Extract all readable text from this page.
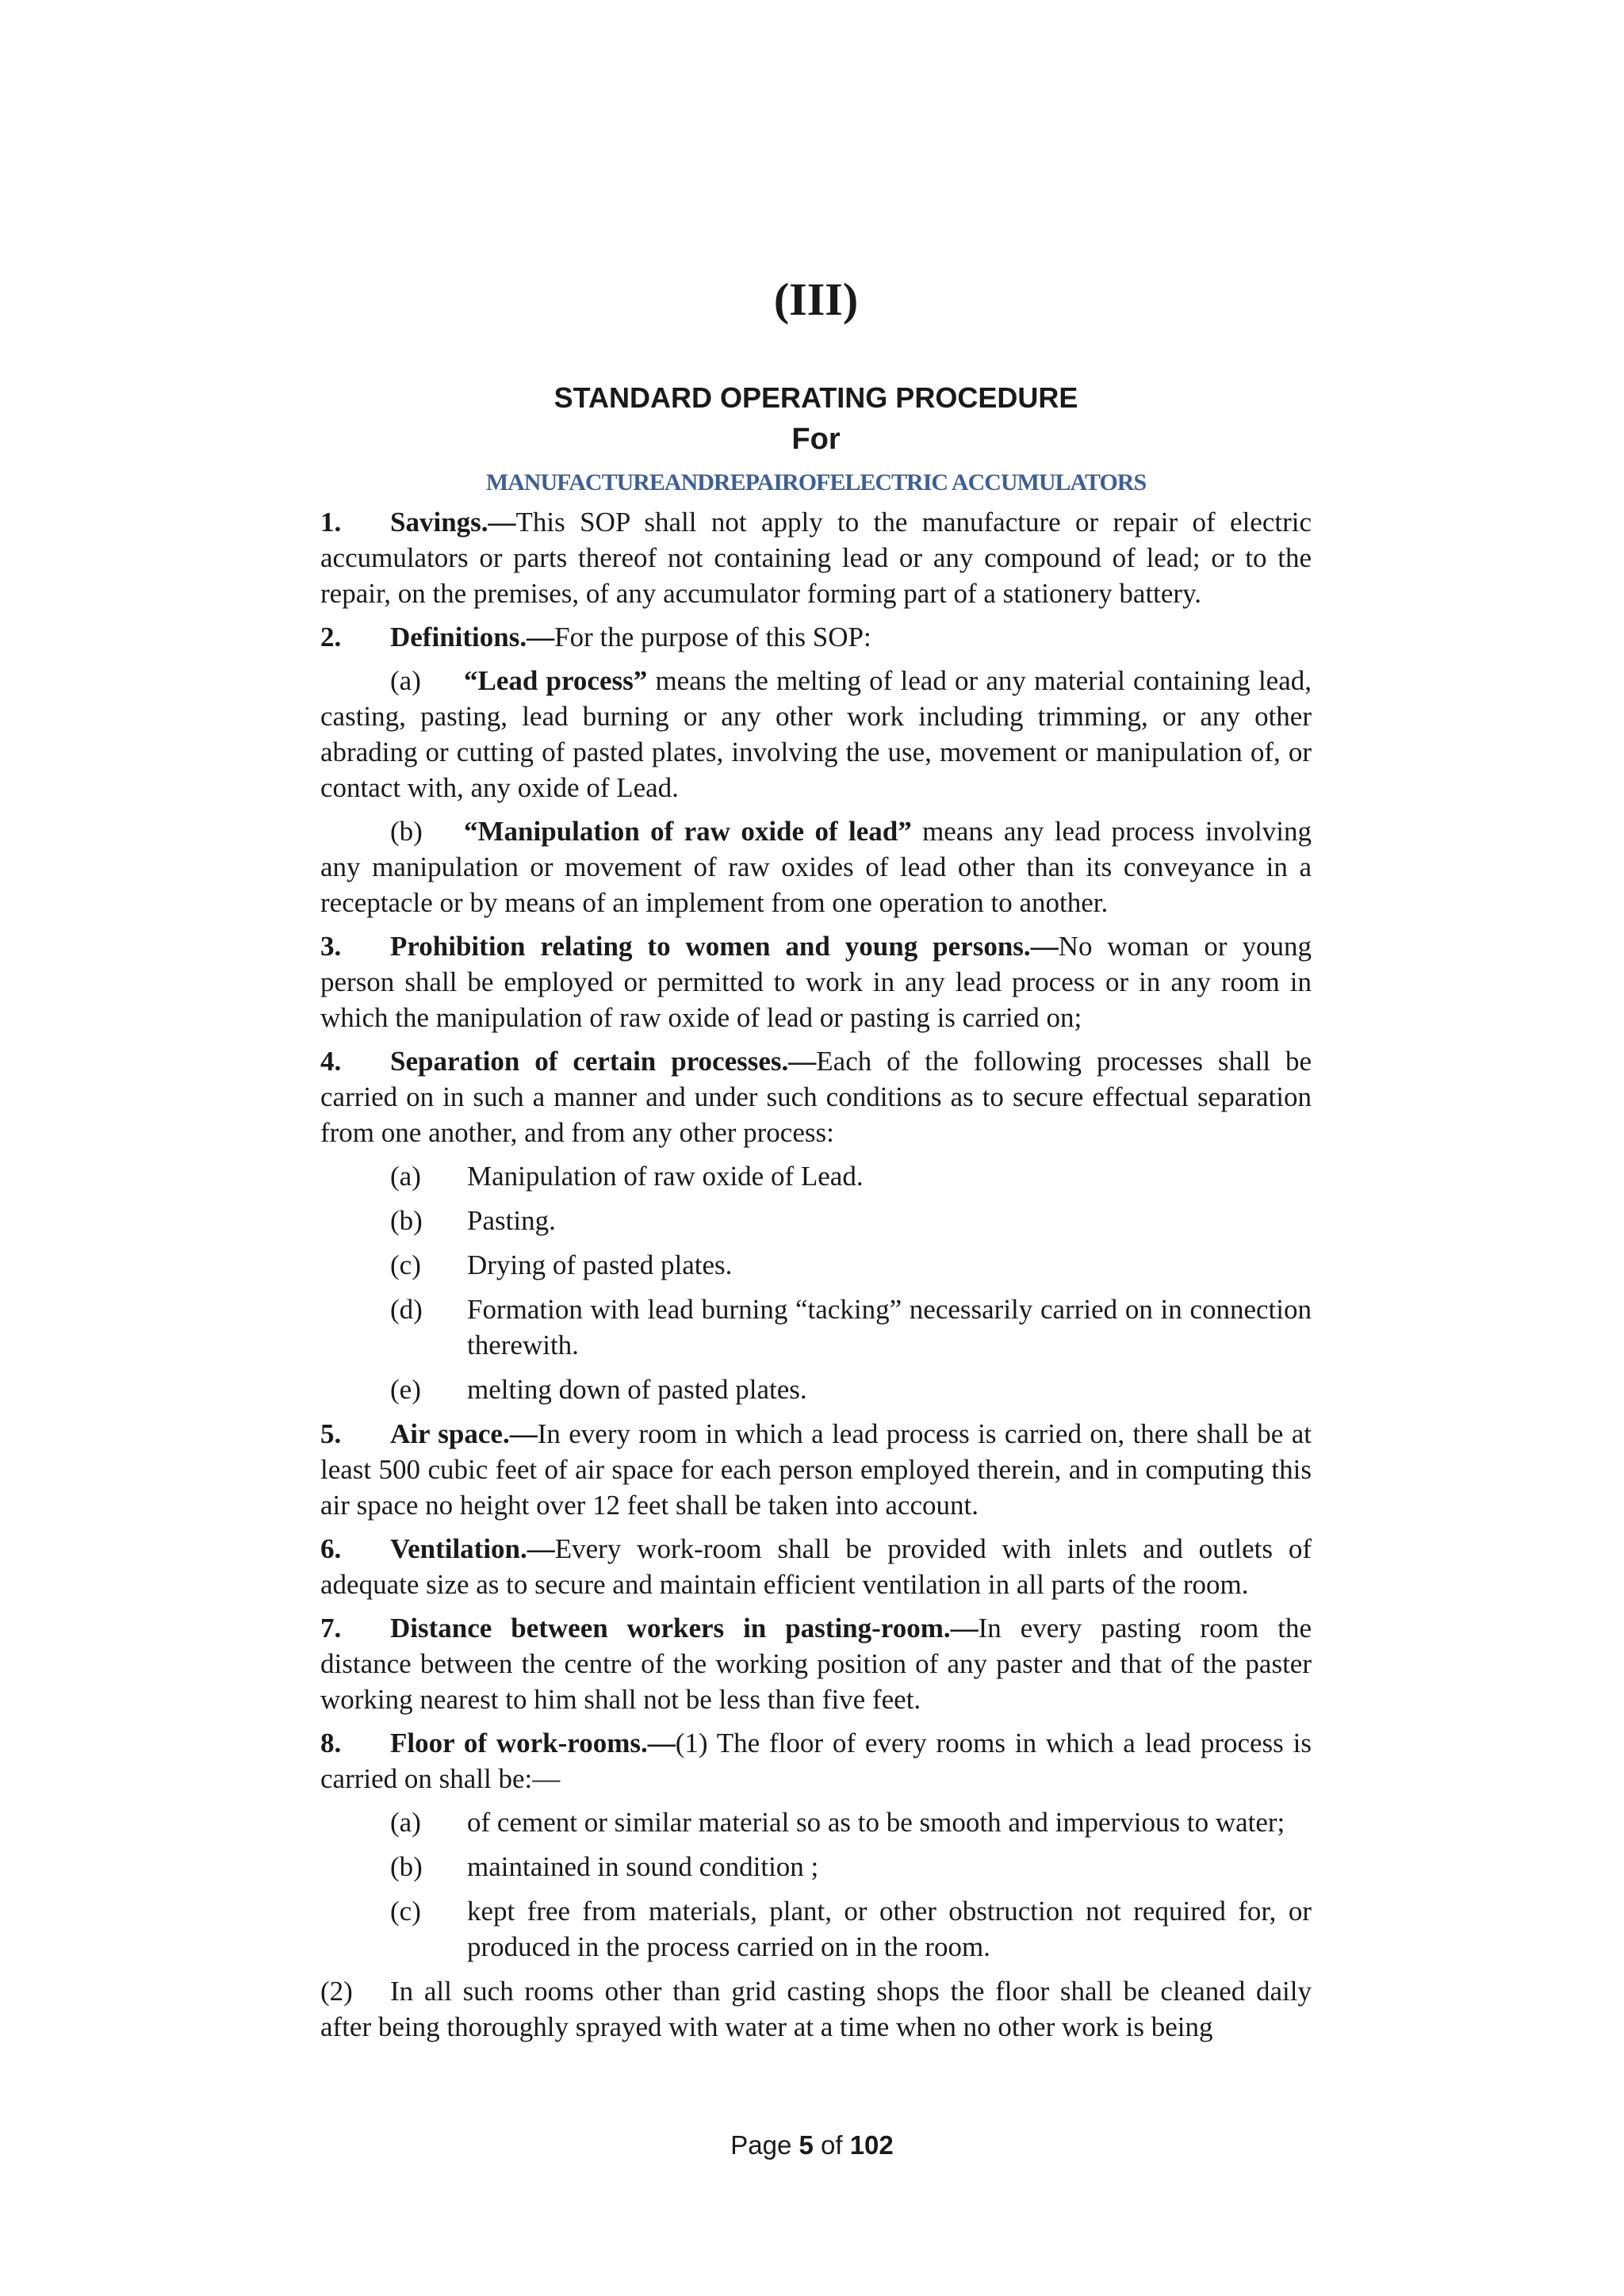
(III)
STANDARD OPERATING PROCEDURE
For
MANUFACTUREANDREPAIROFELECTRIC ACCUMULATORS
1. Savings.—This SOP shall not apply to the manufacture or repair of electric accumulators or parts thereof not containing lead or any compound of lead; or to the repair, on the premises, of any accumulator forming part of a stationery battery.
2. Definitions.—For the purpose of this SOP:
(a) “Lead process” means the melting of lead or any material containing lead, casting, pasting, lead burning or any other work including trimming, or any other abrading or cutting of pasted plates, involving the use, movement or manipulation of, or contact with, any oxide of Lead.
(b) “Manipulation of raw oxide of lead” means any lead process involving any manipulation or movement of raw oxides of lead other than its conveyance in a receptacle or by means of an implement from one operation to another.
3. Prohibition relating to women and young persons.—No woman or young person shall be employed or permitted to work in any lead process or in any room in which the manipulation of raw oxide of lead or pasting is carried on;
4. Separation of certain processes.—Each of the following processes shall be carried on in such a manner and under such conditions as to secure effectual separation from one another, and from any other process:
(a) Manipulation of raw oxide of Lead.
(b) Pasting.
(c) Drying of pasted plates.
(d) Formation with lead burning “tacking” necessarily carried on in connection therewith.
(e) melting down of pasted plates.
5. Air space.—In every room in which a lead process is carried on, there shall be at least 500 cubic feet of air space for each person employed therein, and in computing this air space no height over 12 feet shall be taken into account.
6. Ventilation.—Every work-room shall be provided with inlets and outlets of adequate size as to secure and maintain efficient ventilation in all parts of the room.
7. Distance between workers in pasting-room.—In every pasting room the distance between the centre of the working position of any paster and that of the paster working nearest to him shall not be less than five feet.
8. Floor of work-rooms.—(1) The floor of every rooms in which a lead process is carried on shall be:—
(a) of cement or similar material so as to be smooth and impervious to water;
(b) maintained in sound condition ;
(c) kept free from materials, plant, or other obstruction not required for, or produced in the process carried on in the room.
(2) In all such rooms other than grid casting shops the floor shall be cleaned daily after being thoroughly sprayed with water at a time when no other work is being
Page 5 of 102
